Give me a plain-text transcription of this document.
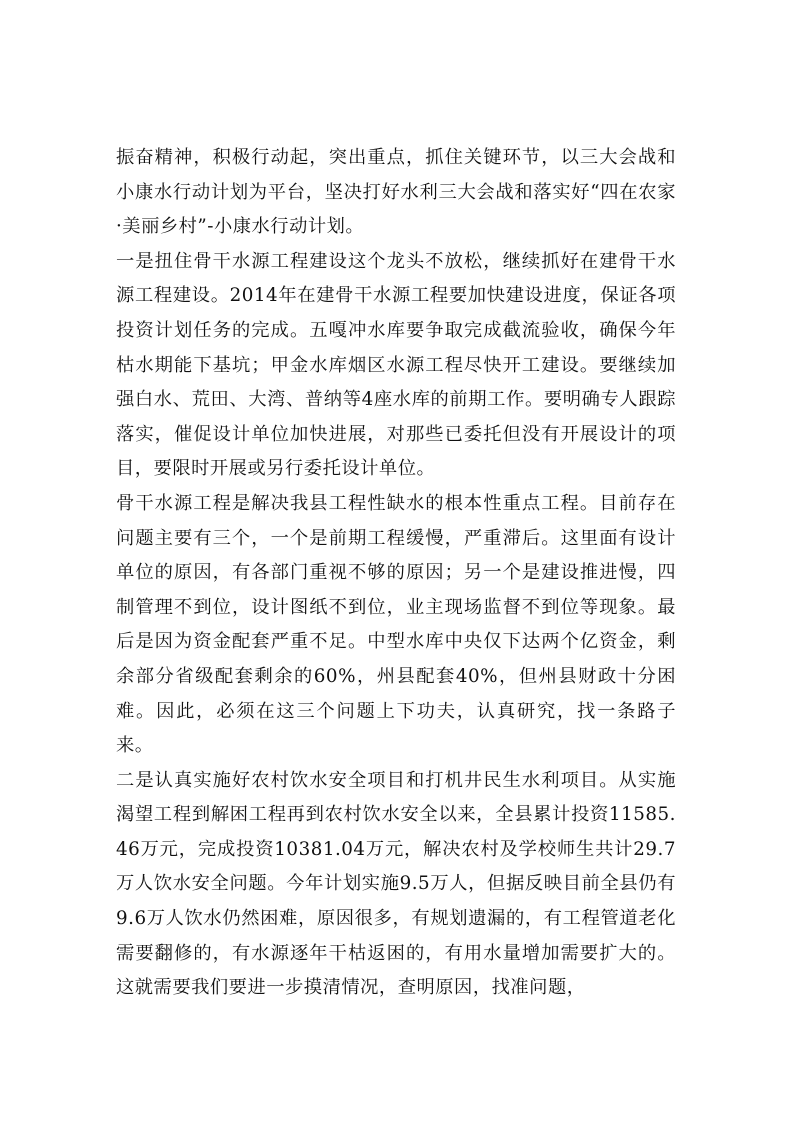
振奋精神，积极行动起，突出重点，抓住关键环节，以三大会战和小康水行动计划为平台，坚决打好水利三大会战和落实好“四在农家·美丽乡村”-小康水行动计划。

一是扭住骨干水源工程建设这个龙头不放松，继续抓好在建骨干水源工程建设。2014年在建骨干水源工程要加快建设进度，保证各项投资计划任务的完成。五嘎冲水库要争取完成截流验收，确保今年枯水期能下基坑；甲金水库烟区水源工程尽快开工建设。要继续加强白水、荒田、大湾、普纳等4座水库的前期工作。要明确专人跟踪落实，催促设计单位加快进展，对那些已委托但没有开展设计的项目，要限时开展或另行委托设计单位。

骨干水源工程是解决我县工程性缺水的根本性重点工程。目前存在问题主要有三个，一个是前期工程缓慢，严重滞后。这里面有设计单位的原因，有各部门重视不够的原因；另一个是建设推进慢，四制管理不到位，设计图纸不到位，业主现场监督不到位等现象。最后是因为资金配套严重不足。中型水库中央仅下达两个亿资金，剩余部分省级配套剩余的60%，州县配套40%，但州县财政十分困难。因此，必须在这三个问题上下功夫，认真研究，找一条路子来。

二是认真实施好农村饮水安全项目和打机井民生水利项目。从实施渴望工程到解困工程再到农村饮水安全以来，全县累计投资11585.46万元，完成投资10381.04万元，解决农村及学校师生共计29.7万人饮水安全问题。今年计划实施9.5万人，但据反映目前全县仍有9.6万人饮水仍然困难，原因很多，有规划遗漏的，有工程管道老化需要翻修的，有水源逐年干枯返困的，有用水量增加需要扩大的。这就需要我们要进一步摸清情况，查明原因，找准问题，
